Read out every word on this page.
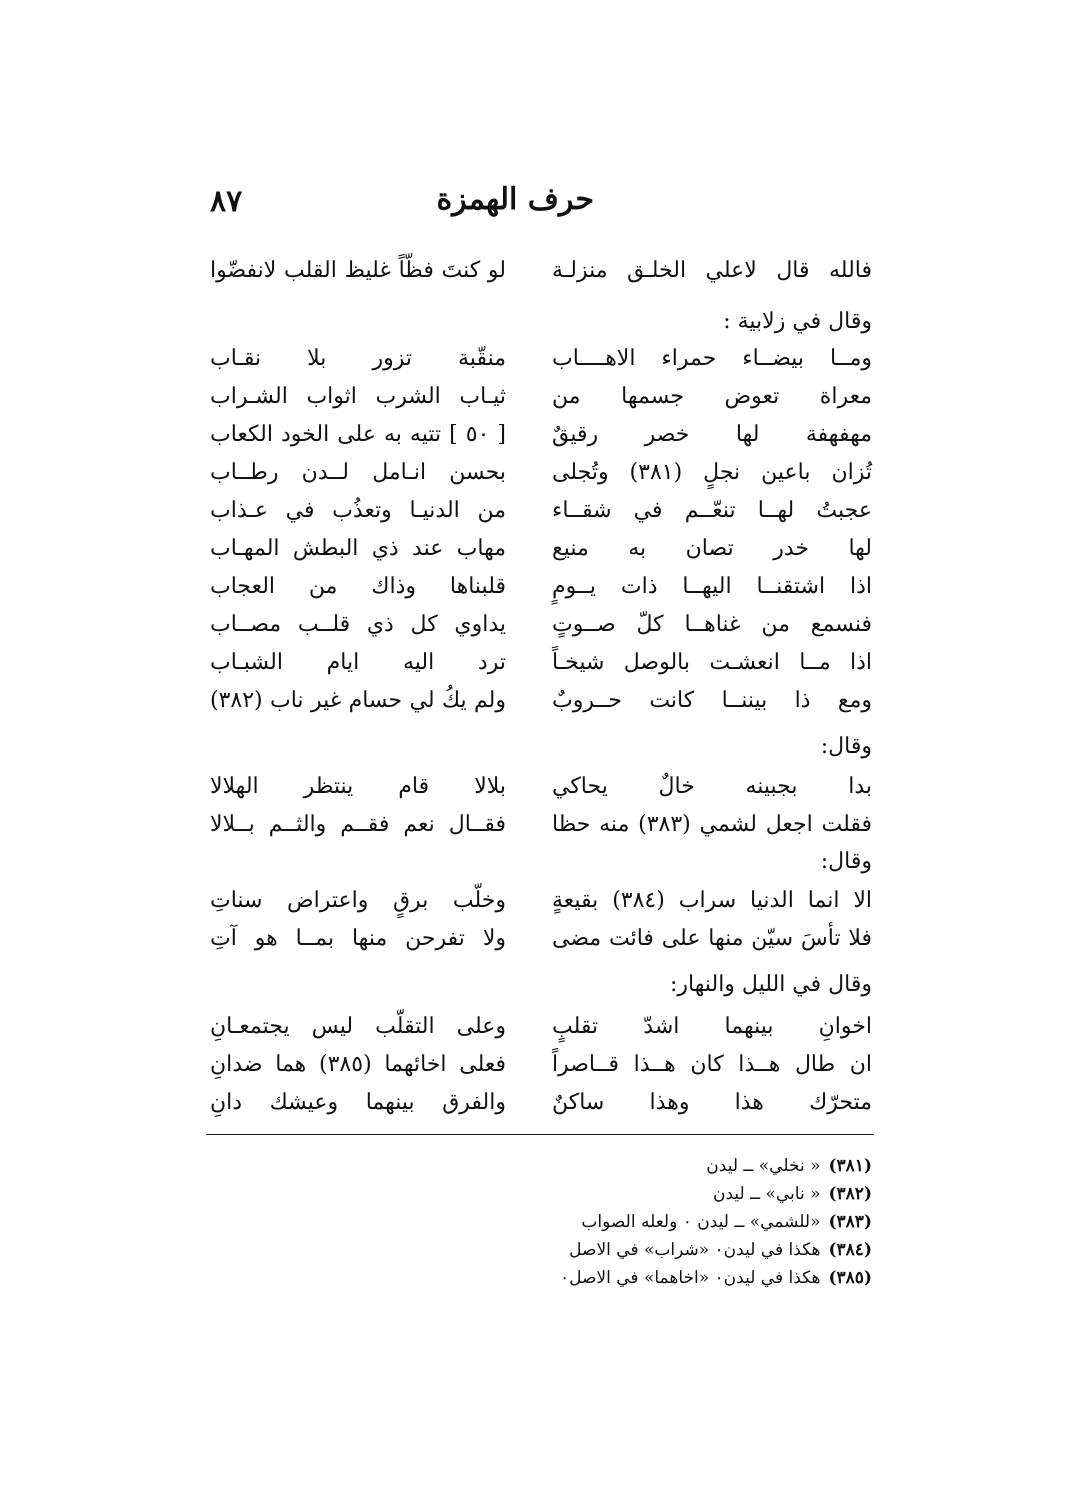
٨٧	حرف الهمزة
فالله قال لاعلي الخلـق منزلـة
لو كنتَ فظّاً غليظ القلب لانفضّوا
وقال في زلابية :
ومــا بيضــاء حمراء الاهــــاب
منقّبة تزور بلا نقـاب
معراة تعوض جسمها من
ثيـاب الشرب اثواب الشـراب
مهفهفة لها خصر رقيقٌ
[ ٥٠ ] تتيه به على الخود الكعاب
تُزان باعين نجلٍ (٣٨١) وتُجلى
بحسن انـامل لــدن رطــاب
عجبتُ لهــا تنعّــم في شقــاء
من الدنيـا وتعذُب في عـذاب
لها خدر تصان به منيع
مهاب عند ذي البطش المهـاب
اذا اشتقنــا اليهــا ذات يــومٍ
قلبناها وذاك من العجاب
فنسمع من غناهــا كلّ صــوتٍ
يداوي كل ذي قلــب مصــاب
اذا مــا انعشـت بالوصل شيخـاً
ترد اليه ايام الشبـاب
ومع ذا بيننــا كانت حــروبٌ
ولم يكُ لي حسام غير ناب (٣٨٢)
وقال:
بدا بجبينه خالٌ يحاكي
بلالا قام ينتظر الهلالا
فقلت اجعل لشمي (٣٨٣) منه حظا
فقــال نعم فقــم والثــم بــلالا
وقال:
الا انما الدنيا سراب (٣٨٤) بقيعةٍ
وخلّب برقٍ واعتراض سناتِ
فلا تأسَ سيّن منها على فائت مضى
ولا تفرحن منها بمــا هو آتِ
وقال في الليل والنهار:
اخوانِ بينهما اشدّ تقلبٍ
وعلى التقلّب ليس يجتمعـانِ
ان طال هــذا كان هــذا قــاصراً
فعلى اخائهما (٣٨٥) هما ضدانِ
متحرّك هذا وهذا ساكنٌ
والفرق بينهما وعيشك دانِ
(٣٨١)« نخلي» ــ ليدن
(٣٨٢)« نابي» ــ ليدن
(٣٨٣)«للشمي» ــ ليدن ٠ ولعله الصواب
(٣٨٤)هكذا في ليدن٠ «شراب» في الاصل
(٣٨٥)هكذا في ليدن٠ «اخاهما» في الاصل٠
